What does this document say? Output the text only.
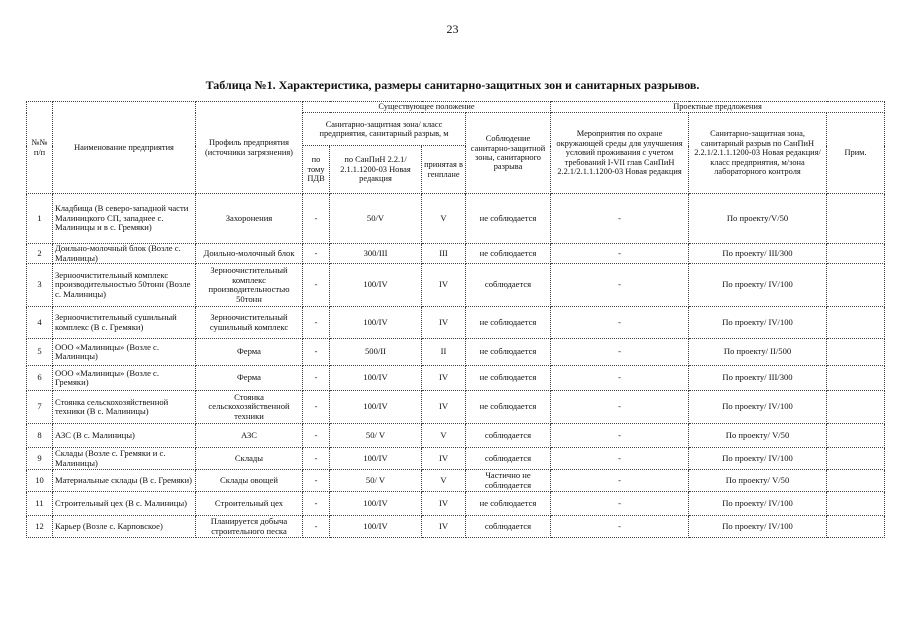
23
Таблица №1. Характеристика, размеры санитарно-защитных зон и санитарных разрывов.
№№ п/п	Наименование предприятия	Профиль предприятия (источники загрязнения)	Существующее положение				Проектные предложения		
			Санитарно-защитная зона/ класс предприятия, санитарный разрыв, м			Соблюдение санитарно-защитной зоны, санитарного разрыва	Мероприятия по охране окружающей среды для улучшения условий проживания с учетом требований I-VII глав СанПиН 2.2.1/2.1.1.1200-03 Новая редакция	Санитарно-защитная зона, санитарный разрыв по СанПиН 2.2.1/2.1.1.1200-03 Новая редакция/ класс предприятия, м/зона лабораторного контроля	Прим.
			по тому ПДВ	по СанПиН 2.2.1/ 2.1.1.1200-03 Новая редакция	принятая в генплане				
1	Кладбища (В северо-западной части Малиницкого СП, западнее с. Малиницы и в с. Гремяки)	Захоронения	-	50/V	V	не соблюдается	-	По проекту/V/50	
2	Доильно-молочный блок (Возле с. Малиницы)	Доильно-молочный блок	-	300/III	III	не соблюдается	-	По проекту/ III/300	
3	Зерноочистительный комплекс производительностью 50тонн (Возле с. Малиницы)	Зерноочистительный комплекс производительностью 50тонн	-	100/IV	IV	соблюдается	-	По проекту/ IV/100	
4	Зерноочистительный сушильный комплекс (В с. Гремяки)	Зерноочистительный сушильный комплекс	-	100/IV	IV	не соблюдается	-	По проекту/ IV/100	
5	ООО «Малиницы» (Возле с. Малиницы)	Ферма	-	500/II	II	не соблюдается	-	По проекту/ II/500	
6	ООО «Малиницы» (Возле с. Гремяки)	Ферма	-	100/IV	IV	не соблюдается	-	По проекту/ III/300	
7	Стоянка сельскохозяйственной техники (В с. Малиницы)	Стоянка сельскохозяйственной техники	-	100/IV	IV	не соблюдается	-	По проекту/ IV/100	
8	АЗС (В с. Малиницы)	АЗС	-	50/ V	V	соблюдается	-	По проекту/ V/50	
9	Склады (Возле с. Гремяки и с. Малиницы)	Склады	-	100/IV	IV	соблюдается	-	По проекту/ IV/100	
10	Материальные склады (В с. Гремяки)	Склады овощей	-	50/ V	V	Частично не соблюдается	-	По проекту/ V/50	
11	Строительный цех (В с. Малиницы)	Строительный цех	-	100/IV	IV	не соблюдается	-	По проекту/ IV/100	
12	Карьер (Возле с. Карповское)	Планируется добыча строительного песка	-	100/IV	IV	соблюдается	-	По проекту/ IV/100	
